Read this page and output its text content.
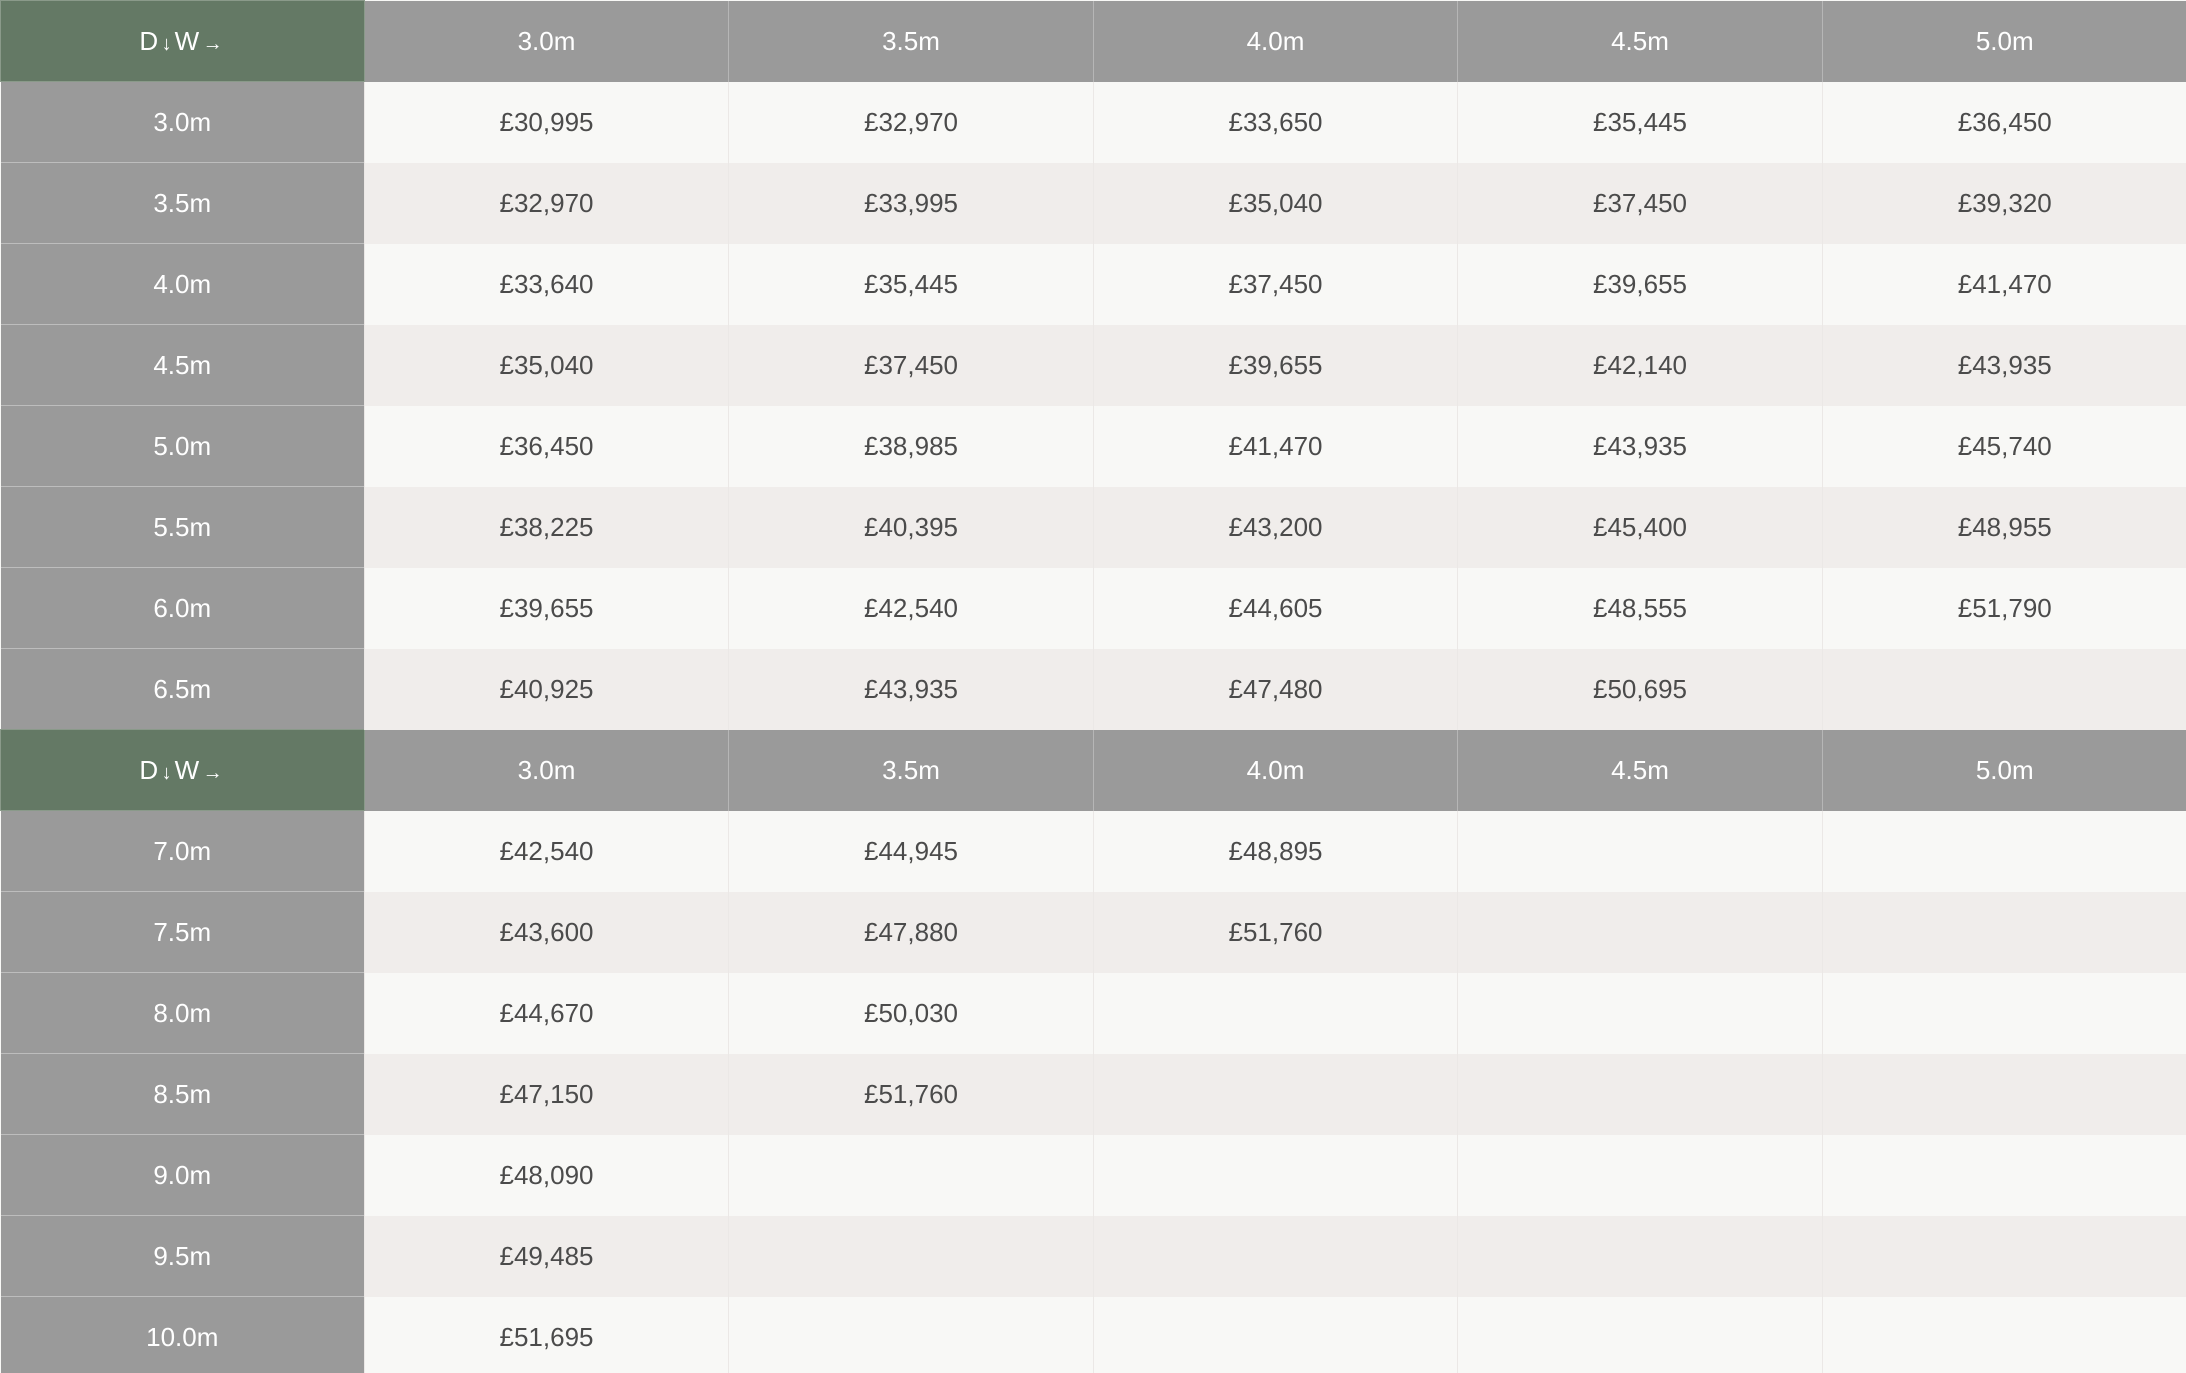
D ↓ W →	3.0m	3.5m	4.0m	4.5m	5.0m
3.0m	£30,995	£32,970	£33,650	£35,445	£36,450
3.5m	£32,970	£33,995	£35,040	£37,450	£39,320
4.0m	£33,640	£35,445	£37,450	£39,655	£41,470
4.5m	£35,040	£37,450	£39,655	£42,140	£43,935
5.0m	£36,450	£38,985	£41,470	£43,935	£45,740
5.5m	£38,225	£40,395	£43,200	£45,400	£48,955
6.0m	£39,655	£42,540	£44,605	£48,555	£51,790
6.5m	£40,925	£43,935	£47,480	£50,695	
D ↓ W →	3.0m	3.5m	4.0m	4.5m	5.0m
7.0m	£42,540	£44,945	£48,895		
7.5m	£43,600	£47,880	£51,760		
8.0m	£44,670	£50,030			
8.5m	£47,150	£51,760			
9.0m	£48,090				
9.5m	£49,485				
10.0m	£51,695				
